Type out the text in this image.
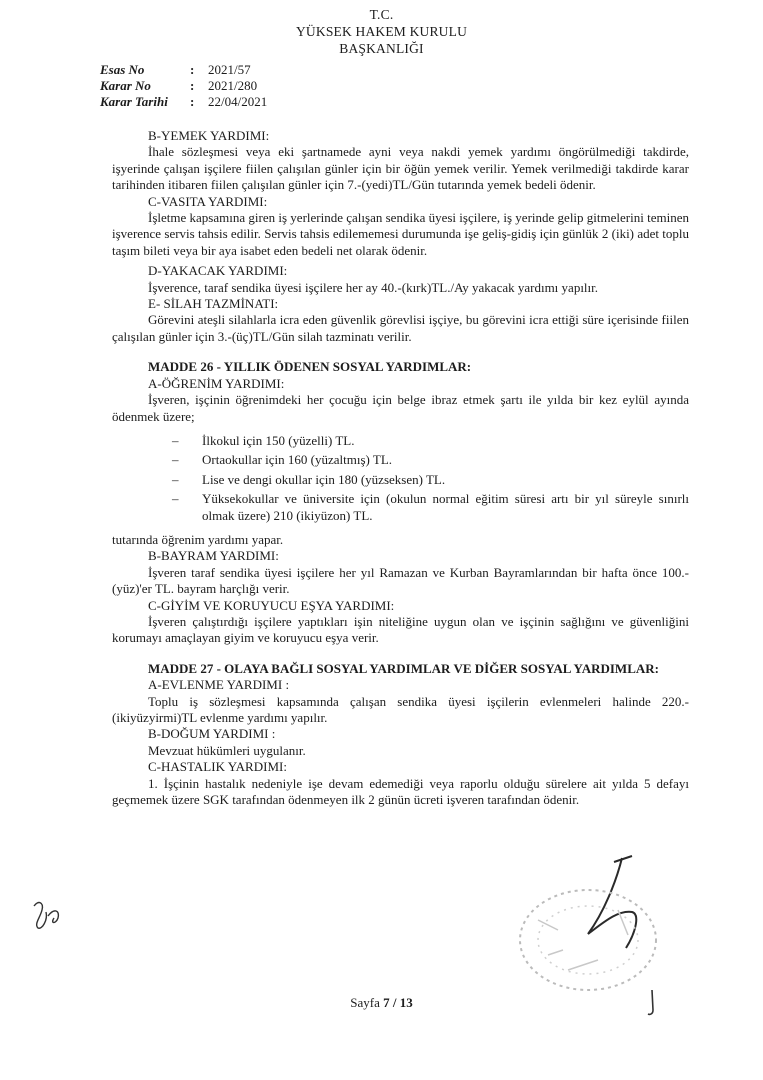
T.C.
YÜKSEK HAKEM KURULU
BAŞKANLIĞI
Esas No	:	2021/57
Karar No	:	2021/280
Karar Tarihi	:	22/04/2021
B-YEMEK YARDIMI:

İhale sözleşmesi veya eki şartnamede ayni veya nakdi yemek yardımı öngörülmediği takdirde, işyerinde çalışan işçilere fiilen çalışılan günler için bir öğün yemek verilir. Yemek verilmediği takdirde karar tarihinden itibaren fiilen çalışılan günler için 7.-(yedi)TL/Gün tutarında yemek bedeli ödenir.

C-VASITA YARDIMI:

İşletme kapsamına giren iş yerlerinde çalışan sendika üyesi işçilere, iş yerinde gelip gitmelerini teminen işverence servis tahsis edilir. Servis tahsis edilememesi durumunda işe geliş-gidiş için günlük 2 (iki) adet toplu taşım bileti veya bir aya isabet eden bedeli net olarak ödenir.

D-YAKACAK YARDIMI:

İşverence, taraf sendika üyesi işçilere her ay 40.-(kırk)TL./Ay yakacak yardımı yapılır.

E- SİLAH TAZMİNATI:

Görevini ateşli silahlarla icra eden güvenlik görevlisi işçiye, bu görevini icra ettiği süre içerisinde fiilen çalışılan günler için 3.-(üç)TL/Gün silah tazminatı verilir.

MADDE 26 - YILLIK ÖDENEN SOSYAL YARDIMLAR:
A-ÖĞRENİM YARDIMI:

İşveren, işçinin öğrenimdeki her çocuğu için belge ibraz etmek şartı ile yılda bir kez eylül ayında ödenmek üzere;

– İlkokul için 150 (yüzelli) TL.
– Ortaokullar için 160 (yüzaltmış) TL.
– Lise ve dengi okullar için 180 (yüzseksen) TL.
– Yüksekokullar ve üniversite için (okulun normal eğitim süresi artı bir yıl süreyle sınırlı olmak üzere) 210 (ikiyüzon) TL.

tutarında öğrenim yardımı yapar.

B-BAYRAM YARDIMI:

İşveren taraf sendika üyesi işçilere her yıl Ramazan ve Kurban Bayramlarından bir hafta önce 100.-(yüz)'er TL. bayram harçlığı verir.

C-GİYİM VE KORUYUCU EŞYA YARDIMI:

İşveren çalıştırdığı işçilere yaptıkları işin niteliğine uygun olan ve işçinin sağlığını ve güvenliğini korumayı amaçlayan giyim ve koruyucu eşya verir.

MADDE 27 - OLAYA BAĞLI SOSYAL YARDIMLAR VE DİĞER SOSYAL YARDIMLAR:
A-EVLENME YARDIMI :

Toplu iş sözleşmesi kapsamında çalışan sendika üyesi işçilerin evlenmeleri halinde 220.-(ikiyüzyirmi)TL evlenme yardımı yapılır.

B-DOĞUM YARDIMI :

Mevzuat hükümleri uygulanır.

C-HASTALIK YARDIMI:

1. İşçinin hastalık nedeniyle işe devam edemediği veya raporlu olduğu sürelere ait yılda 5 defayı geçmemek üzere SGK tarafından ödenmeyen ilk 2 günün ücreti işveren tarafından ödenir.

Sayfa 7 / 13
